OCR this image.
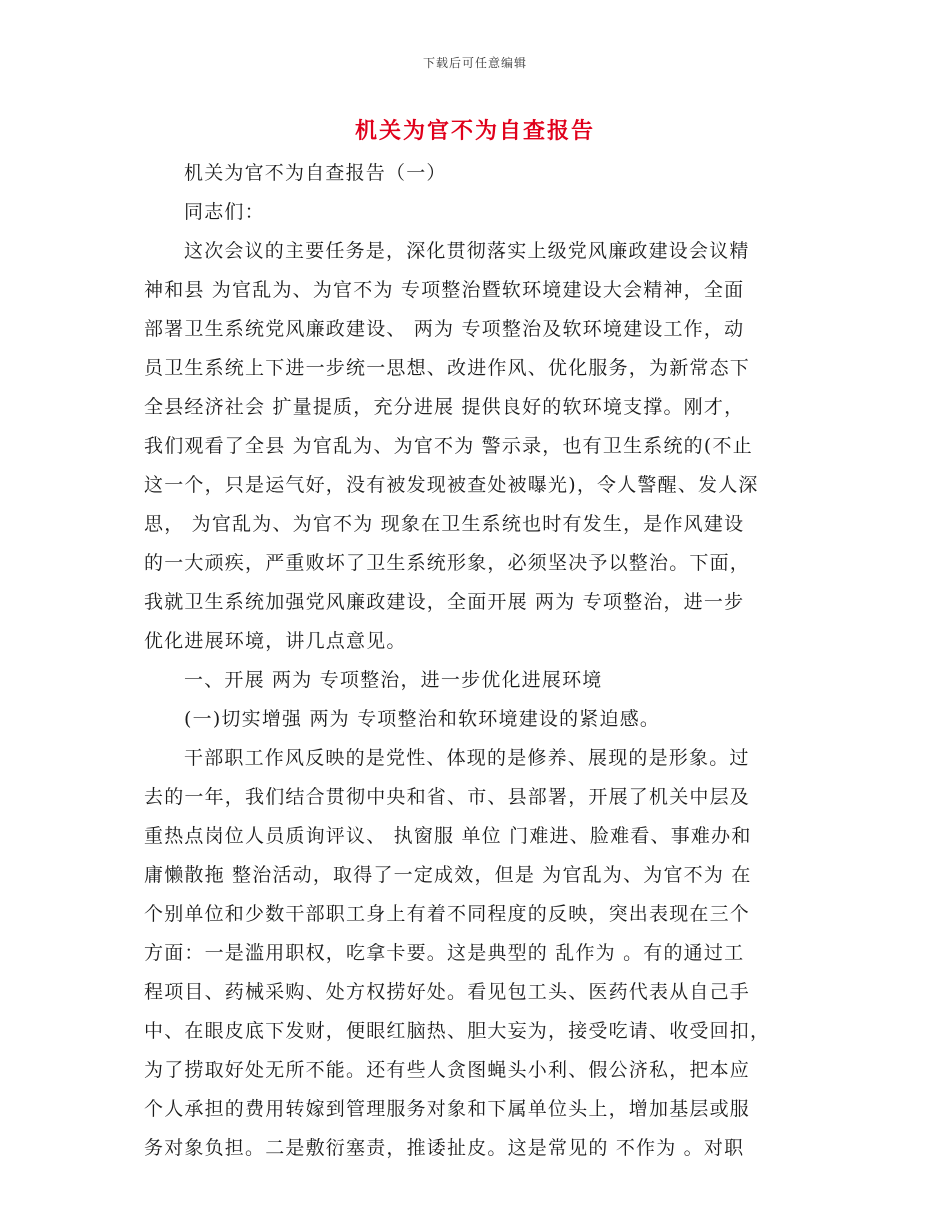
下载后可任意编辑
机关为官不为自查报告
机关为官不为自查报告（一）
同志们：
这次会议的主要任务是，深化贯彻落实上级党风廉政建设会议精
神和县 为官乱为、为官不为 专项整治暨软环境建设大会精神，全面
部署卫生系统党风廉政建设、 两为 专项整治及软环境建设工作，动
员卫生系统上下进一步统一思想、改进作风、优化服务，为新常态下
全县经济社会 扩量提质，充分进展 提供良好的软环境支撑。刚才，
我们观看了全县 为官乱为、为官不为 警示录，也有卫生系统的(不止
这一个，只是运气好，没有被发现被查处被曝光)，令人警醒、发人深
思， 为官乱为、为官不为 现象在卫生系统也时有发生，是作风建设
的一大顽疾，严重败坏了卫生系统形象，必须坚决予以整治。下面，
我就卫生系统加强党风廉政建设，全面开展 两为 专项整治，进一步
优化进展环境，讲几点意见。
一、开展 两为 专项整治，进一步优化进展环境
(一)切实增强 两为 专项整治和软环境建设的紧迫感。
干部职工作风反映的是党性、体现的是修养、展现的是形象。过
去的一年，我们结合贯彻中央和省、市、县部署，开展了机关中层及
重热点岗位人员质询评议、 执窗服 单位 门难进、脸难看、事难办和
庸懒散拖 整治活动，取得了一定成效，但是 为官乱为、为官不为 在
个别单位和少数干部职工身上有着不同程度的反映，突出表现在三个
方面：一是滥用职权，吃拿卡要。这是典型的 乱作为 。有的通过工
程项目、药械采购、处方权捞好处。看见包工头、医药代表从自己手
中、在眼皮底下发财，便眼红脑热、胆大妄为，接受吃请、收受回扣，
为了捞取好处无所不能。还有些人贪图蝇头小利、假公济私，把本应
个人承担的费用转嫁到管理服务对象和下属单位头上，增加基层或服
务对象负担。二是敷衍塞责，推诿扯皮。这是常见的 不作为 。对职
